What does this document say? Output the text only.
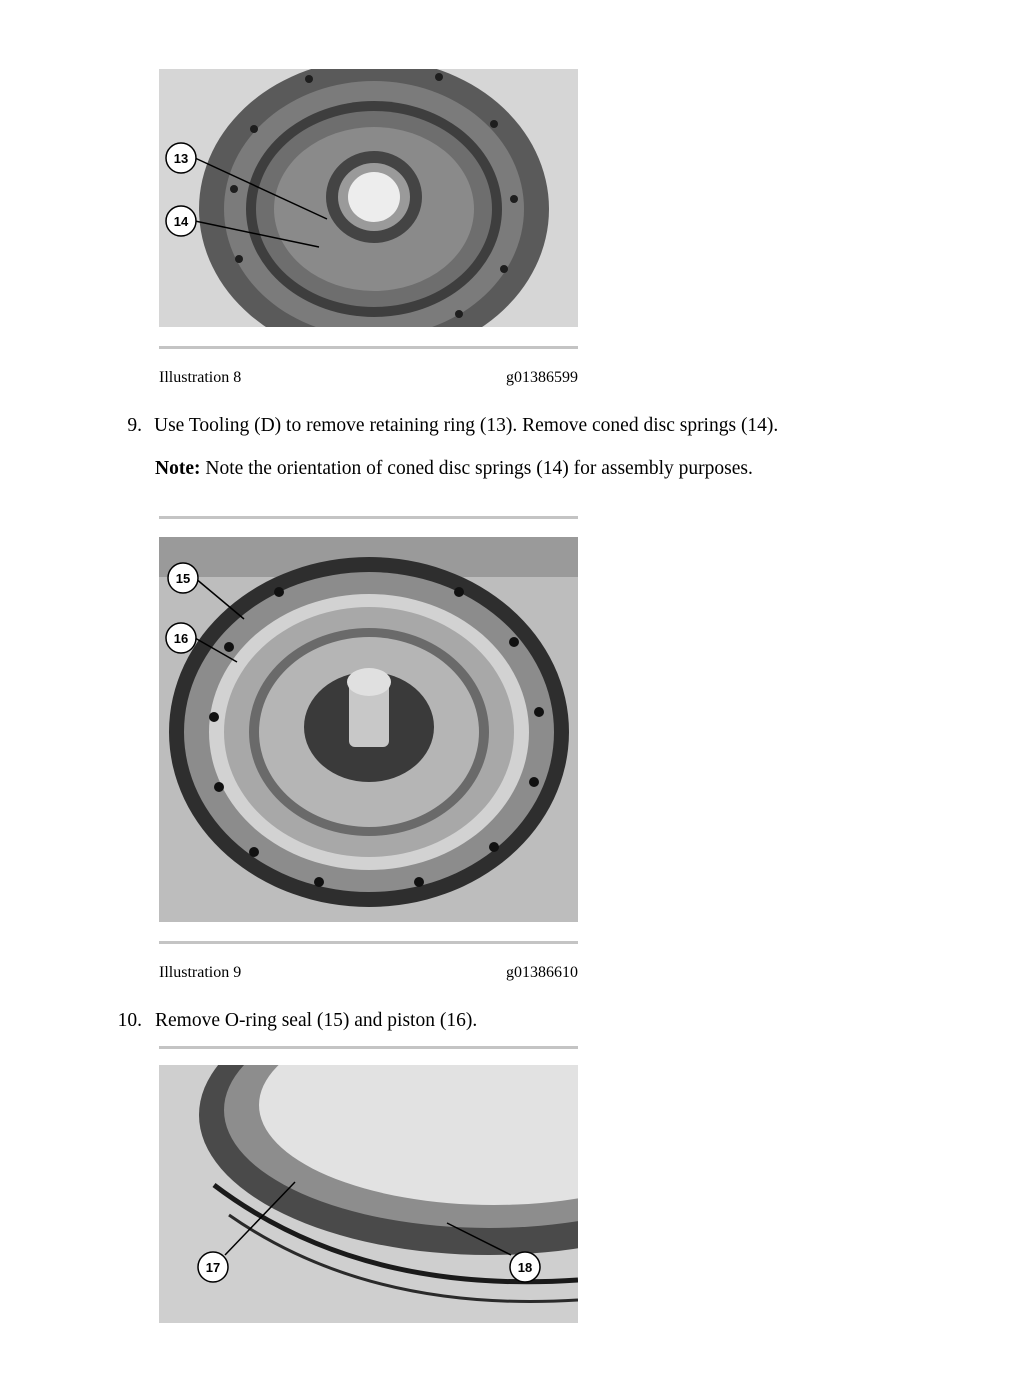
13
14
Illustration 8	g01386599
9. Use Tooling (D) to remove retaining ring (13). Remove coned disc springs (14).
Note: Note the orientation of coned disc springs (14) for assembly purposes.
15
16
Illustration 9	g01386610
10. Remove O-ring seal (15) and piston (16).
17	18
